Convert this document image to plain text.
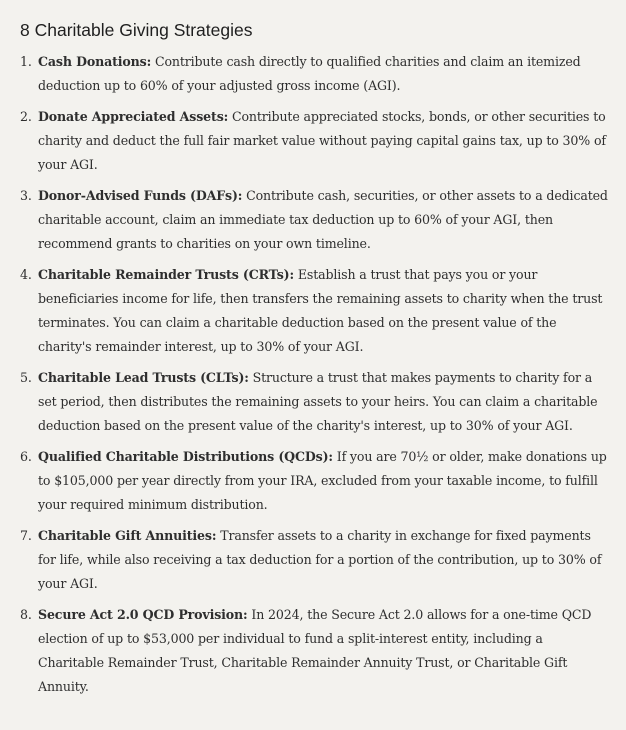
8 Charitable Giving Strategies
1. Cash Donations: Contribute cash directly to qualified charities and claim an itemized deduction up to 60% of your adjusted gross income (AGI).
2. Donate Appreciated Assets: Contribute appreciated stocks, bonds, or other securities to charity and deduct the full fair market value without paying capital gains tax, up to 30% of your AGI.
3. Donor-Advised Funds (DAFs): Contribute cash, securities, or other assets to a dedicated charitable account, claim an immediate tax deduction up to 60% of your AGI, then recommend grants to charities on your own timeline.
4. Charitable Remainder Trusts (CRTs): Establish a trust that pays you or your beneficiaries income for life, then transfers the remaining assets to charity when the trust terminates. You can claim a charitable deduction based on the present value of the charity's remainder interest, up to 30% of your AGI.
5. Charitable Lead Trusts (CLTs): Structure a trust that makes payments to charity for a set period, then distributes the remaining assets to your heirs. You can claim a charitable deduction based on the present value of the charity's interest, up to 30% of your AGI.
6. Qualified Charitable Distributions (QCDs): If you are 70½ or older, make donations up to $105,000 per year directly from your IRA, excluded from your taxable income, to fulfill your required minimum distribution.
7. Charitable Gift Annuities: Transfer assets to a charity in exchange for fixed payments for life, while also receiving a tax deduction for a portion of the contribution, up to 30% of your AGI.
8. Secure Act 2.0 QCD Provision: In 2024, the Secure Act 2.0 allows for a one-time QCD election of up to $53,000 per individual to fund a split-interest entity, including a Charitable Remainder Trust, Charitable Remainder Annuity Trust, or Charitable Gift Annuity.
